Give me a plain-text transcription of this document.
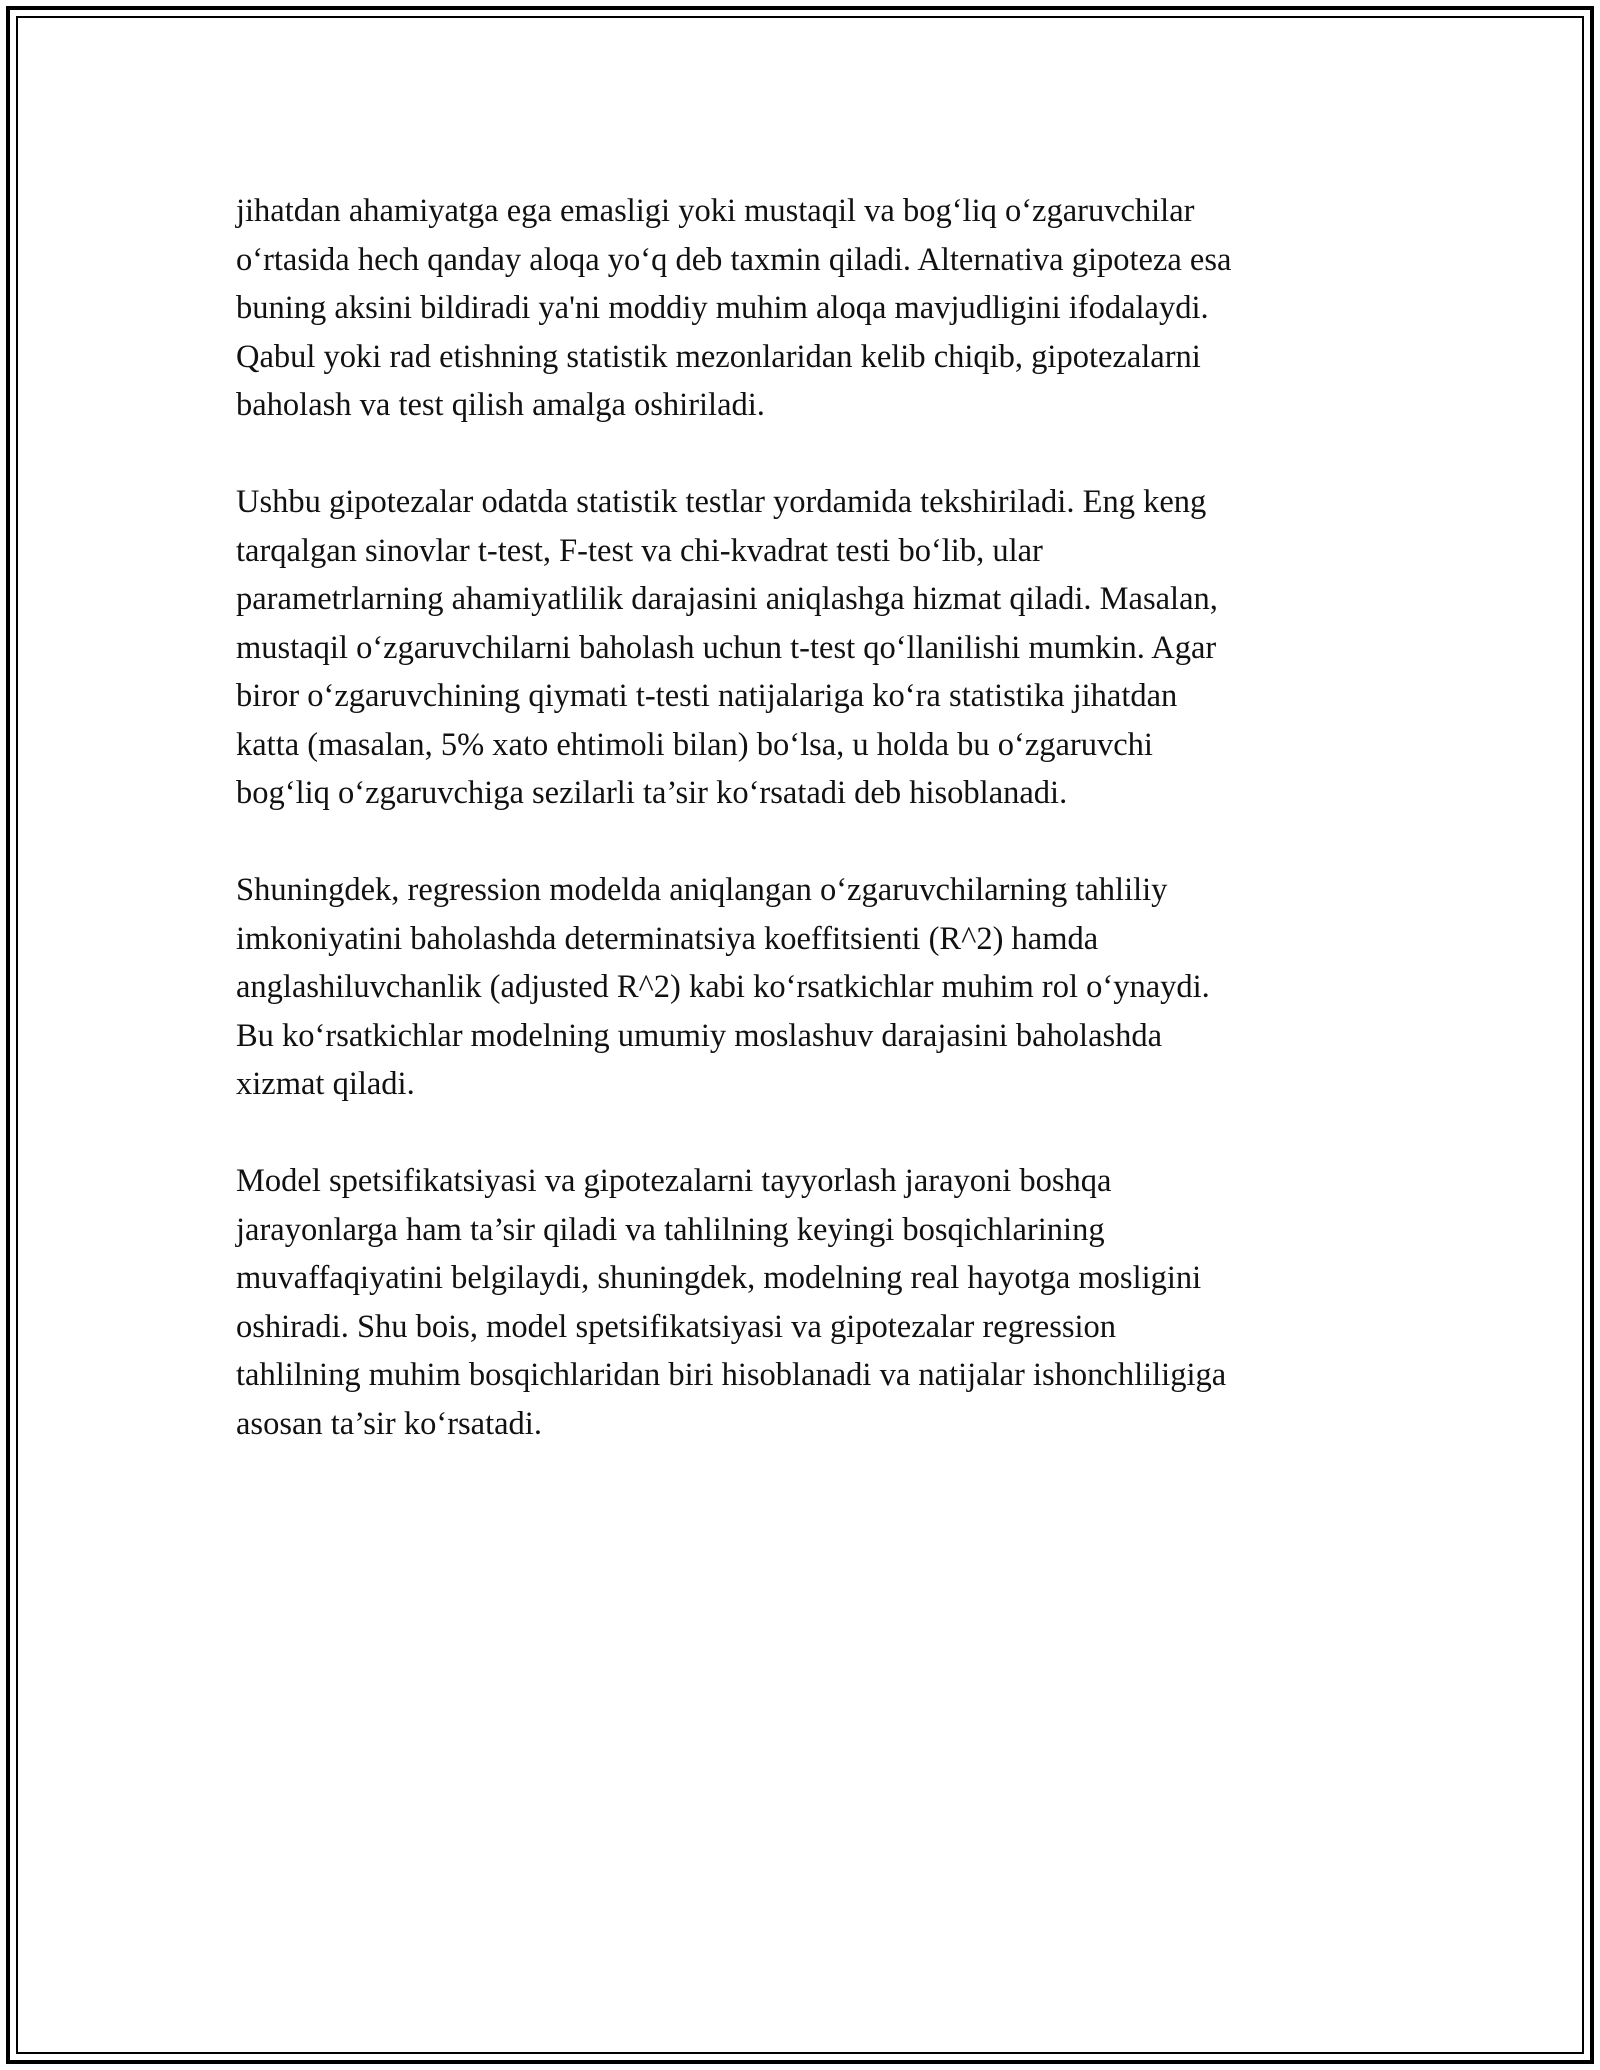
jihatdan ahamiyatga ega emasligi yoki mustaqil va bog‘liq o‘zgaruvchilar
o‘rtasida hech qanday aloqa yo‘q deb taxmin qiladi. Alternativa gipoteza esa
buning aksini bildiradi ya'ni moddiy muhim aloqa mavjudligini ifodalaydi.
Qabul yoki rad etishning statistik mezonlaridan kelib chiqib, gipotezalarni
baholash va test qilish amalga oshiriladi.

Ushbu gipotezalar odatda statistik testlar yordamida tekshiriladi. Eng keng
tarqalgan sinovlar t-test, F-test va chi-kvadrat testi bo‘lib, ular
parametrlarning ahamiyatlilik darajasini aniqlashga hizmat qiladi. Masalan,
mustaqil o‘zgaruvchilarni baholash uchun t-test qo‘llanilishi mumkin. Agar
biror o‘zgaruvchining qiymati t-testi natijalariga ko‘ra statistika jihatdan
katta (masalan, 5% xato ehtimoli bilan) bo‘lsa, u holda bu o‘zgaruvchi
bog‘liq o‘zgaruvchiga sezilarli ta’sir ko‘rsatadi deb hisoblanadi.

Shuningdek, regression modelda aniqlangan o‘zgaruvchilarning tahliliy
imkoniyatini baholashda determinatsiya koeffitsienti (R^2) hamda
anglashiluvchanlik (adjusted R^2) kabi ko‘rsatkichlar muhim rol o‘ynaydi.
Bu ko‘rsatkichlar modelning umumiy moslashuv darajasini baholashda
xizmat qiladi.

Model spetsifikatsiyasi va gipotezalarni tayyorlash jarayoni boshqa
jarayonlarga ham ta’sir qiladi va tahlilning keyingi bosqichlarining
muvaffaqiyatini belgilaydi, shuningdek, modelning real hayotga mosligini
oshiradi. Shu bois, model spetsifikatsiyasi va gipotezalar regression
tahlilning muhim bosqichlaridan biri hisoblanadi va natijalar ishonchliligiga
asosan ta’sir ko‘rsatadi.
